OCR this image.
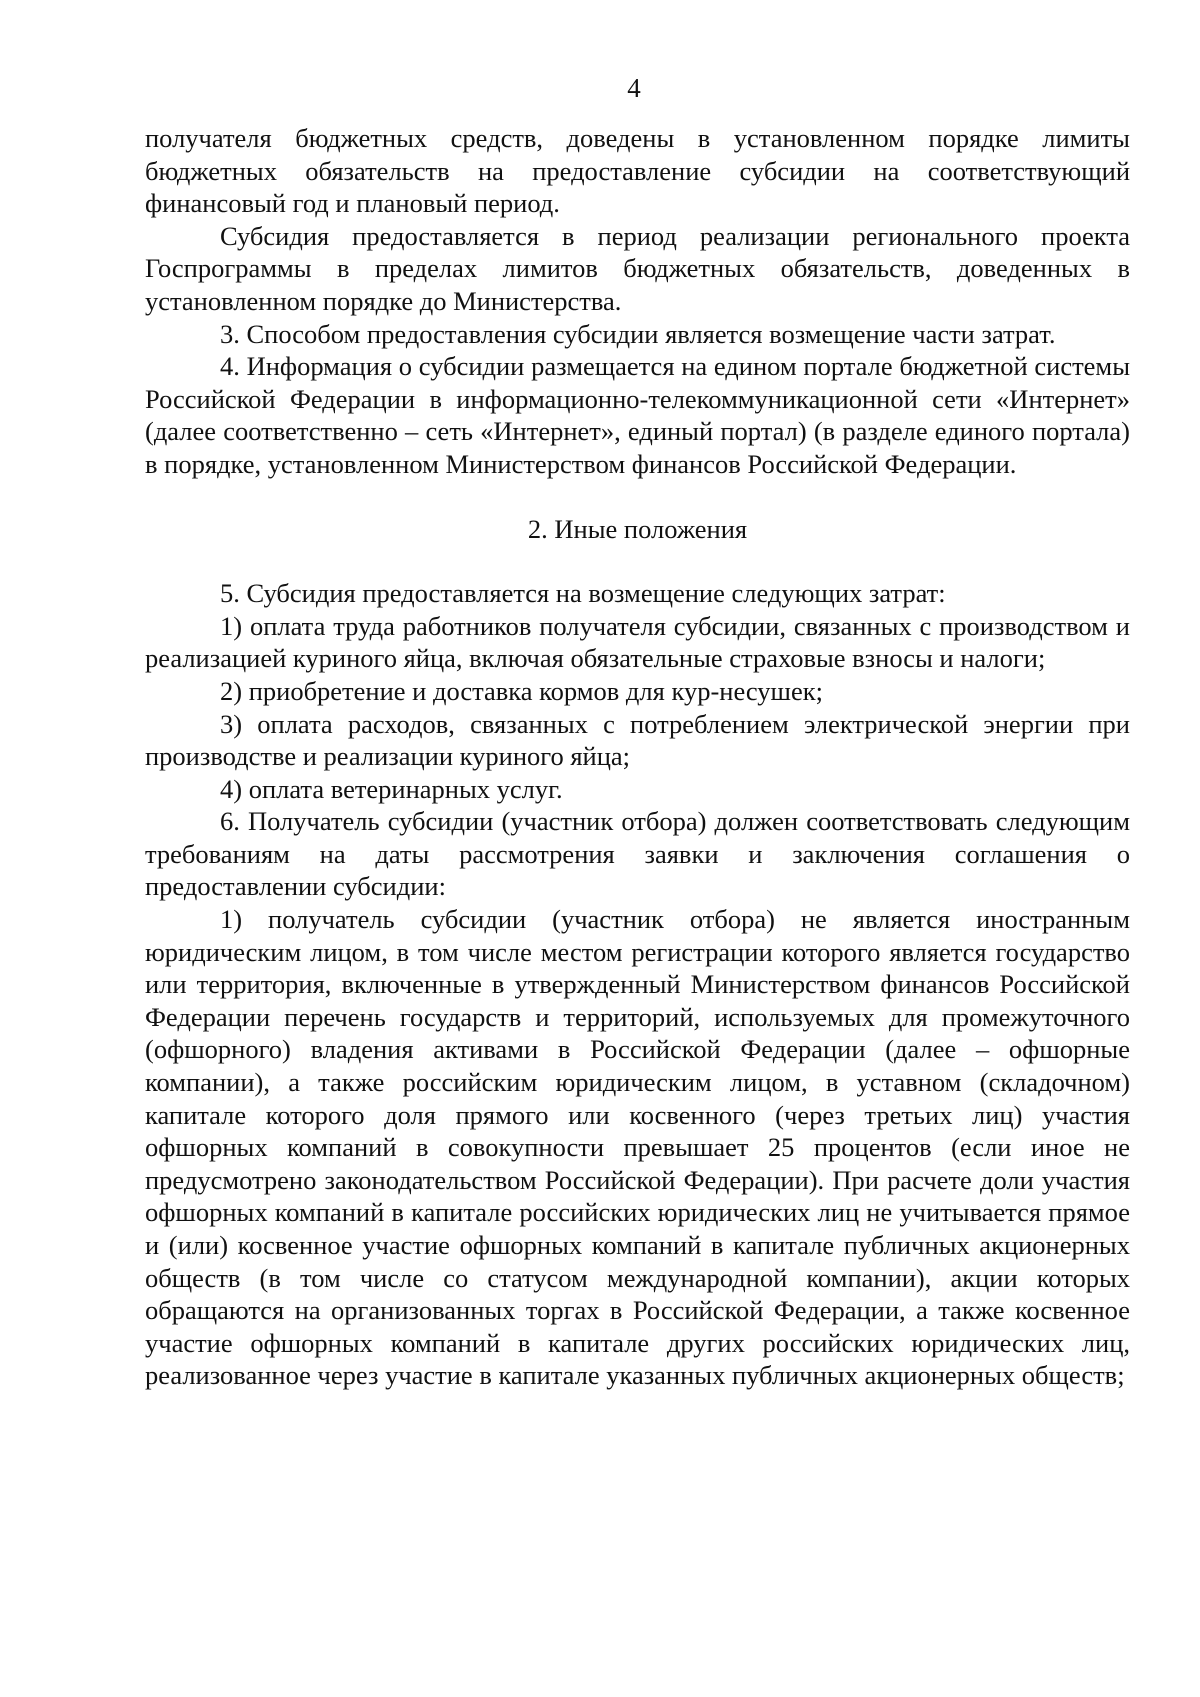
4

получателя бюджетных средств, доведены в установленном порядке лимиты бюджетных обязательств на предоставление субсидии на соответствующий финансовый год и плановый период.

Субсидия предоставляется в период реализации регионального проекта Госпрограммы в пределах лимитов бюджетных обязательств, доведенных в установленном порядке до Министерства.

3. Способом предоставления субсидии является возмещение части затрат.

4. Информация о субсидии размещается на едином портале бюджетной системы Российской Федерации в информационно-телекоммуникационной сети «Интернет» (далее соответственно – сеть «Интернет», единый портал) (в разделе единого портала) в порядке, установленном Министерством финансов Российской Федерации.

2. Иные положения

5. Субсидия предоставляется на возмещение следующих затрат:

1) оплата труда работников получателя субсидии, связанных с производством и реализацией куриного яйца, включая обязательные страховые взносы и налоги;

2) приобретение и доставка кормов для кур-несушек;

3) оплата расходов, связанных с потреблением электрической энергии при производстве и реализации куриного яйца;

4) оплата ветеринарных услуг.

6. Получатель субсидии (участник отбора) должен соответствовать следующим требованиям на даты рассмотрения заявки и заключения соглашения о предоставлении субсидии:

1) получатель субсидии (участник отбора) не является иностранным юридическим лицом, в том числе местом регистрации которого является государство или территория, включенные в утвержденный Министерством финансов Российской Федерации перечень государств и территорий, используемых для промежуточного (офшорного) владения активами в Российской Федерации (далее – офшорные компании), а также российским юридическим лицом, в уставном (складочном) капитале которого доля прямого или косвенного (через третьих лиц) участия офшорных компаний в совокупности превышает 25 процентов (если иное не предусмотрено законодательством Российской Федерации). При расчете доли участия офшорных компаний в капитале российских юридических лиц не учитывается прямое и (или) косвенное участие офшорных компаний в капитале публичных акционерных обществ (в том числе со статусом международной компании), акции которых обращаются на организованных торгах в Российской Федерации, а также косвенное участие офшорных компаний в капитале других российских юридических лиц, реализованное через участие в капитале указанных публичных акционерных обществ;
